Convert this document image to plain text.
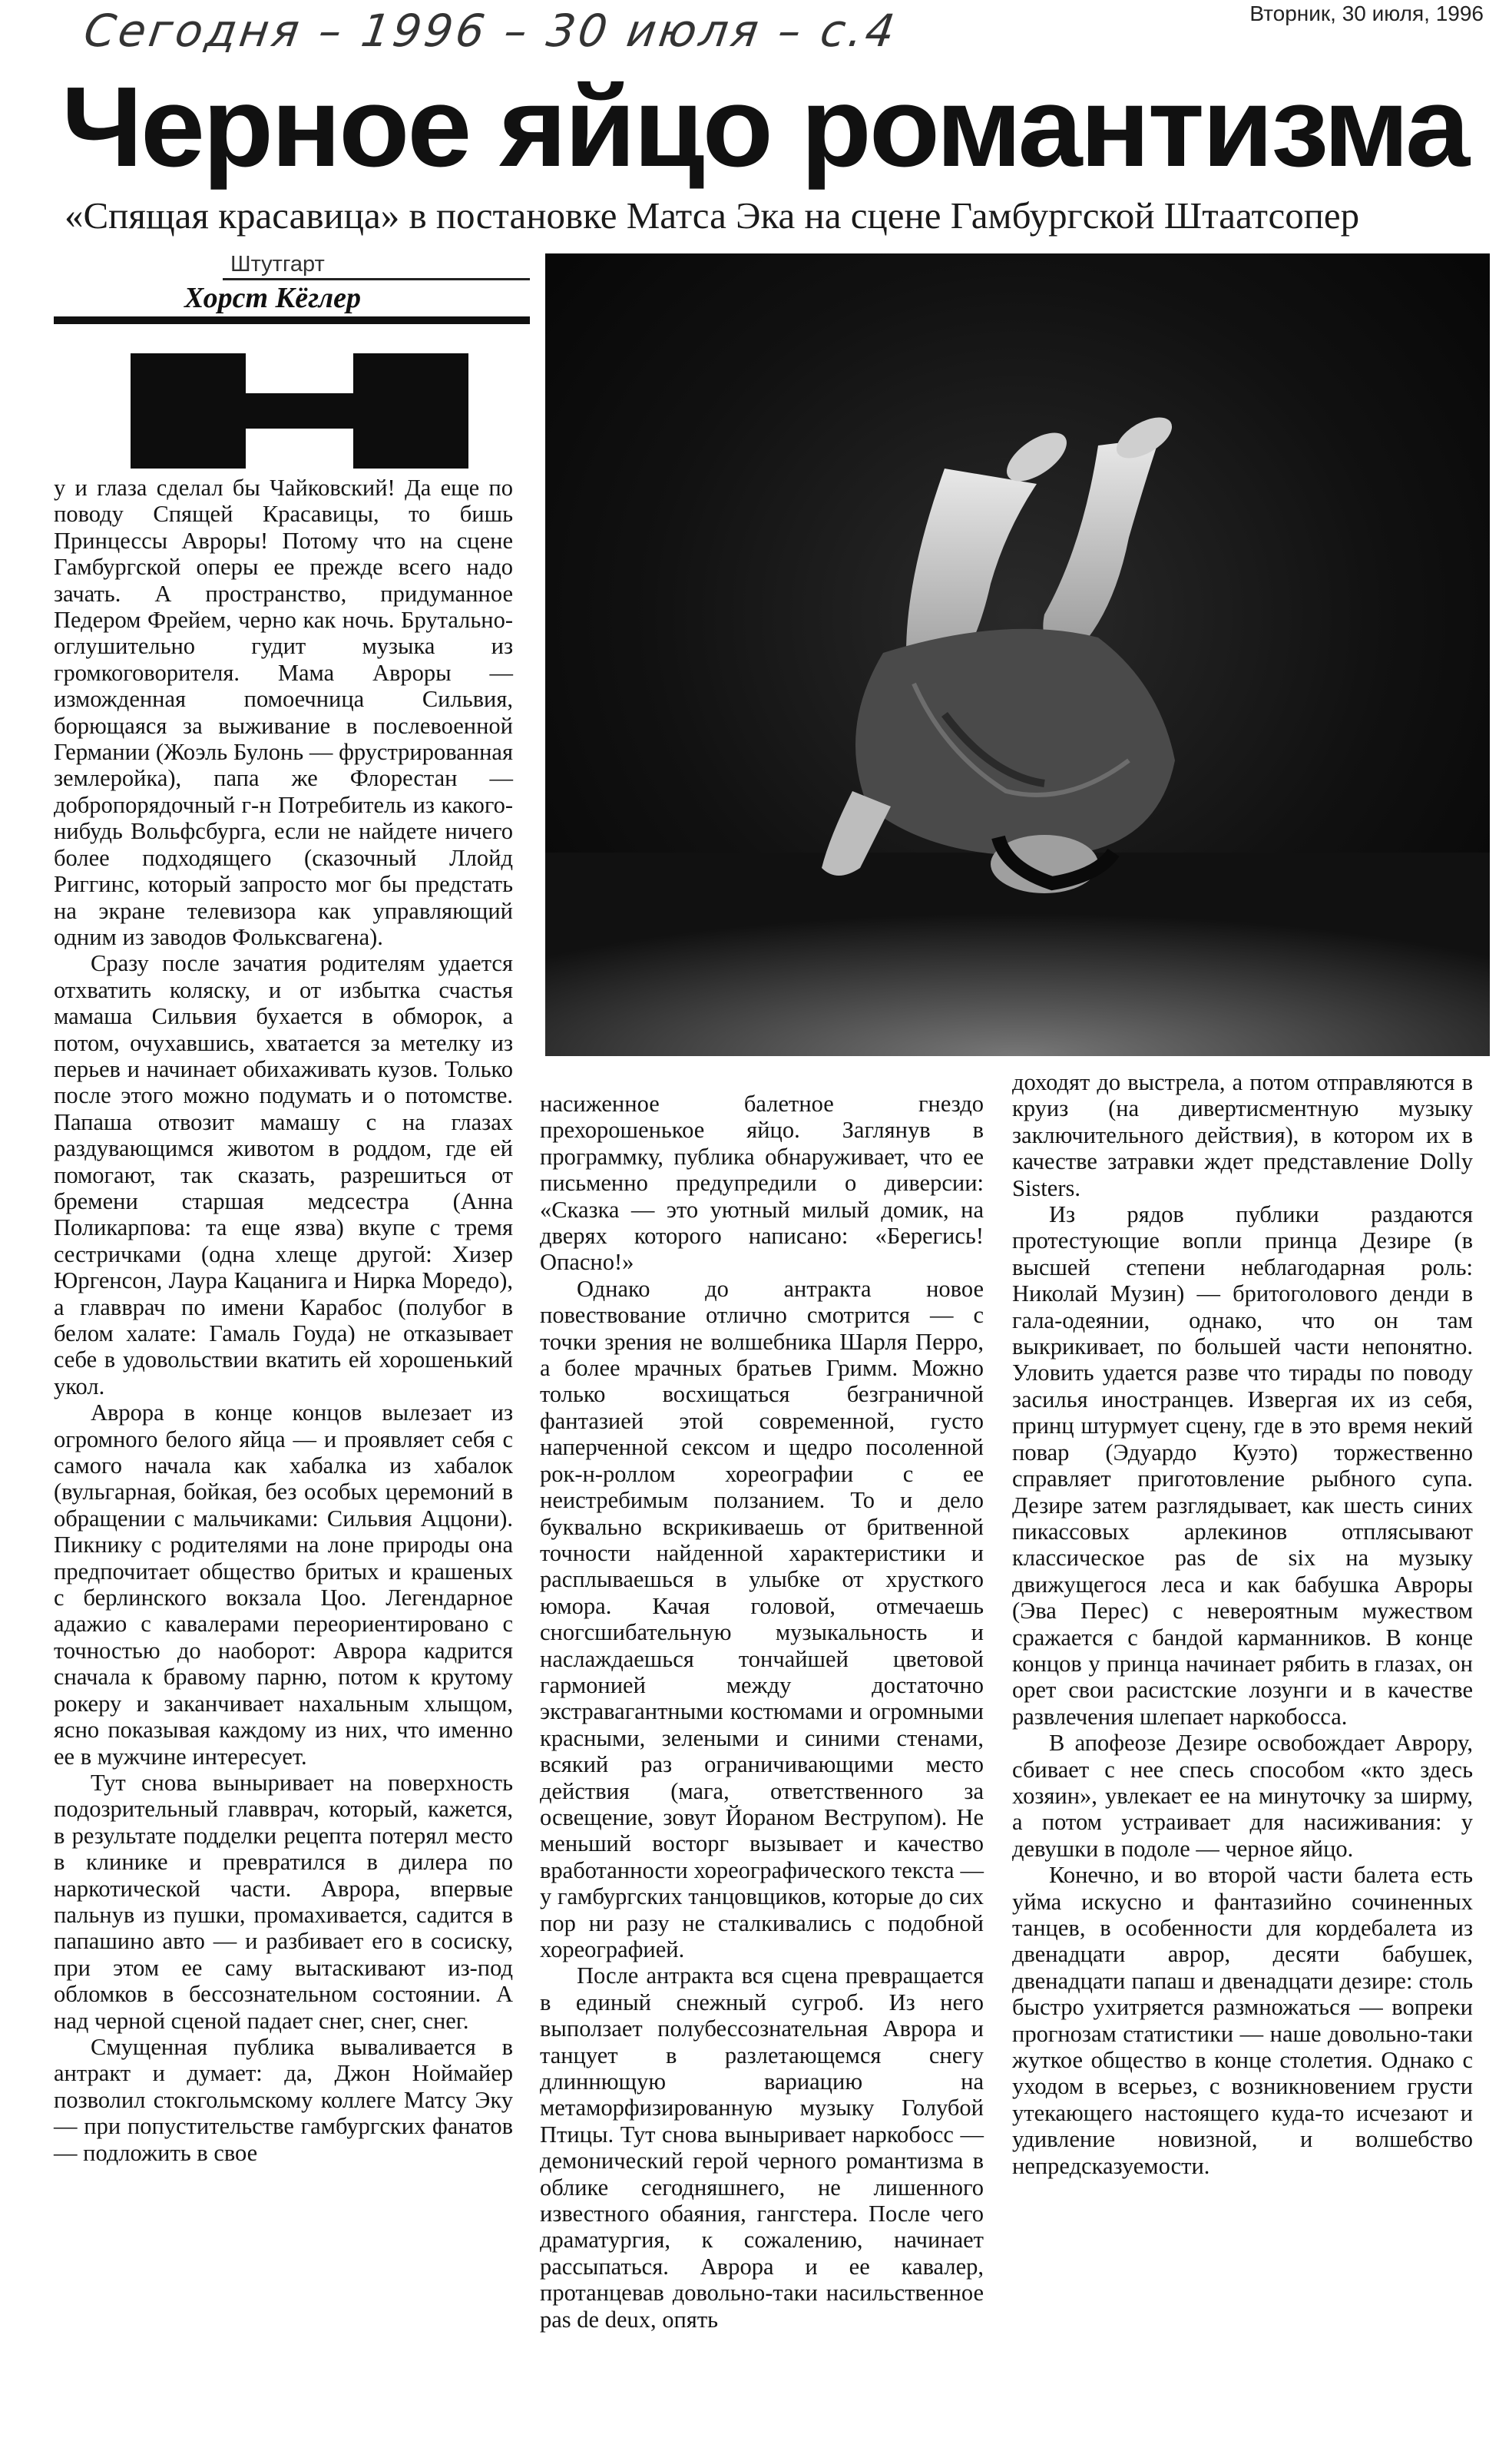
Сегодня – 1996 – 30 июля – с.4	Вторник, 30 июля, 1996
Черное яйцо романтизма
«Спящая красавица» в постановке Матса Эка на сцене Гамбургской Штаатсопер
Штутгарт
Хорст Кёглер

у и глаза сделал бы Чайковский! Да еще по поводу Спящей Красавицы, то бишь Принцессы Авроры! Потому что на сцене Гамбургской оперы ее прежде всего надо зачать. А пространство, придуманное Педером Фрейем, черно как ночь. Брутально-оглушительно гудит музыка из громкоговорителя. Мама Авроры — изможденная помоечница Сильвия, борющаяся за выживание в послевоенной Германии (Жоэль Булонь — фрустрированная землеройка), папа же Флорестан — добропорядочный г-н Потребитель из какого-нибудь Вольфсбурга, если не найдете ничего более подходящего (сказочный Ллойд Риггинс, который запросто мог бы предстать на экране телевизора как управляющий одним из заводов Фольксвагена).

Сразу после зачатия родителям удается отхватить коляску, и от избытка счастья мамаша Сильвия бухается в обморок, а потом, очухавшись, хватается за метелку из перьев и начинает обихаживать кузов. Только после этого можно подумать и о потомстве. Папаша отвозит мамашу с на глазах раздувающимся животом в роддом, где ей помогают, так сказать, разрешиться от бремени старшая медсестра (Анна Поликарпова: та еще язва) вкупе с тремя сестричками (одна хлеще другой: Хизер Юргенсон, Лаура Кацанига и Нирка Моредо), а главврач по имени Карабос (полубог в белом халате: Гамаль Гоуда) не отказывает себе в удовольствии вкатить ей хорошенький укол.

Аврора в конце концов вылезает из огромного белого яйца — и проявляет себя с самого начала как хабалка из хабалок (вульгарная, бойкая, без особых церемоний в обращении с мальчиками: Сильвия Аццони). Пикнику с родителями на лоне природы она предпочитает общество бритых и крашеных с берлинского вокзала Цоо. Легендарное адажио с кавалерами переориентировано с точностью до наоборот: Аврора кадрится сначала к бравому парню, потом к крутому рокеру и заканчивает нахальным хлыщом, ясно показывая каждому из них, что именно ее в мужчине интересует.

Тут снова выныривает на поверхность подозрительный главврач, который, кажется, в результате подделки рецепта потерял место в клинике и превратился в дилера по наркотической части. Аврора, впервые пальнув из пушки, промахивается, садится в папашино авто — и разбивает его в сосиску, при этом ее саму вытаскивают из-под обломков в бессознательном состоянии. А над черной сценой падает снег, снег, снег.

Смущенная публика вываливается в антракт и думает: да, Джон Ноймайер позволил стокгольмскому коллеге Матсу Эку — при попустительстве гамбургских фанатов — подложить в свое

насиженное балетное гнездо прехорошенькое яйцо. Заглянув в программку, публика обнаруживает, что ее письменно предупредили о диверсии: «Сказка — это уютный милый домик, на дверях которого написано: «Берегись! Опасно!»

Однако до антракта новое повествование отлично смотрится — с точки зрения не волшебника Шарля Перро, а более мрачных братьев Гримм. Можно только восхищаться безграничной фантазией этой современной, густо наперченной сексом и щедро посоленной рок-н-роллом хореографии с ее неистребимым ползанием. То и дело буквально вскрикиваешь от бритвенной точности найденной характеристики и расплываешься в улыбке от хрусткого юмора. Качая головой, отмечаешь сногсшибательную музыкальность и наслаждаешься тончайшей цветовой гармонией между достаточно экстравагантными костюмами и огромными красными, зелеными и синими стенами, всякий раз ограничивающими место действия (мага, ответственного за освещение, зовут Йораном Веструпом). Не меньший восторг вызывает и качество вработанности хореографического текста — у гамбургских танцовщиков, которые до сих пор ни разу не сталкивались с подобной хореографией.

После антракта вся сцена превращается в единый снежный сугроб. Из него выползает полубессознательная Аврора и танцует в разлетающемся снегу длиннющую вариацию на метаморфизированную музыку Голубой Птицы. Тут снова выныривает наркобосс — демонический герой черного романтизма в облике сегодняшнего, не лишенного известного обаяния, гангстера. После чего драматургия, к сожалению, начинает рассыпаться. Аврора и ее кавалер, протанцевав довольно-таки насильственное pas de deux, опять

доходят до выстрела, а потом отправляются в круиз (на дивертисментную музыку заключительного действия), в котором их в качестве затравки ждет представление Dolly Sisters.

Из рядов публики раздаются протестующие вопли принца Дезире (в высшей степени неблагодарная роль: Николай Музин) — бритоголового денди в гала-одеянии, однако, что он там выкрикивает, по большей части непонятно. Уловить удается разве что тирады по поводу засилья иностранцев. Извергая их из себя, принц штурмует сцену, где в это время некий повар (Эдуардо Куэто) торжественно справляет приготовление рыбного супа. Дезире затем разглядывает, как шесть синих пикассовых арлекинов отплясывают классическое pas de six на музыку движущегося леса и как бабушка Авроры (Эва Перес) с невероятным мужеством сражается с бандой карманников. В конце концов у принца начинает рябить в глазах, он орет свои расистские лозунги и в качестве развлечения шлепает наркобосса.

В апофеозе Дезире освобождает Аврору, сбивает с нее спесь способом «кто здесь хозяин», увлекает ее на минуточку за ширму, а потом устраивает для насиживания: у девушки в подоле — черное яйцо.

Конечно, и во второй части балета есть уйма искусно и фантазийно сочиненных танцев, в особенности для кордебалета из двенадцати аврор, десяти бабушек, двенадцати папаш и двенадцати дезире: столь быстро ухитряется размножаться — вопреки прогнозам статистики — наше довольно-таки жуткое общество в конце столетия. Однако с уходом в всерьез, с возникновением грусти утекающего настоящего куда-то исчезают и удивление новизной, и волшебство непредсказуемости.
